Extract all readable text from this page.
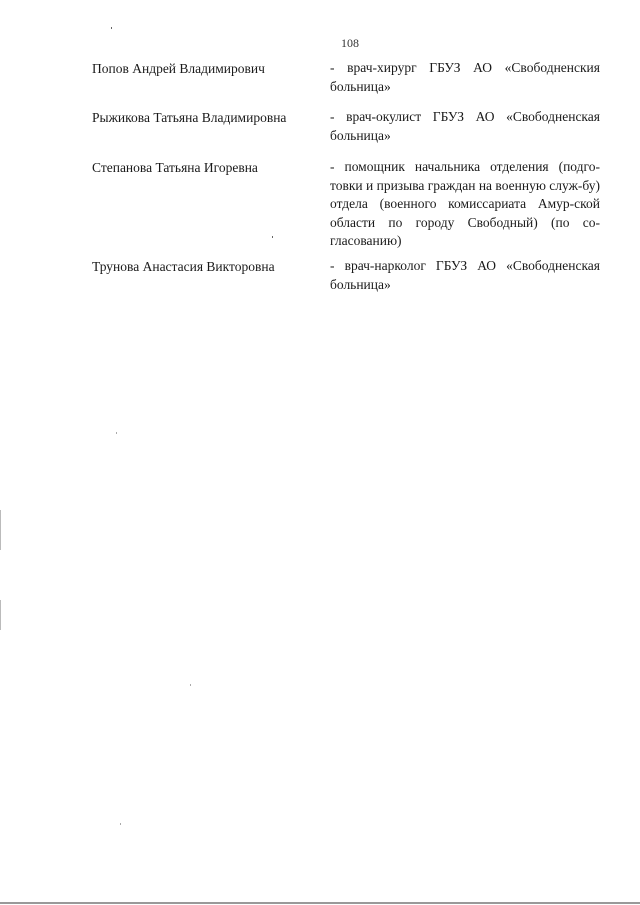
108
Попов Андрей Владимирович	- врач-хирург ГБУЗ АО «Свободненския больница»
Рыжикова Татьяна Владимировна	- врач-окулист ГБУЗ АО «Свободненская больница»
Степанова Татьяна Игоревна	- помощник начальника отделения (подго-товки и призыва граждан на военную служ-бу) отдела (военного комиссариата Амур-ской области по городу Свободный) (по со-гласованию)
Трунова Анастасия Викторовна	- врач-нарколог ГБУЗ АО «Свободненская больница»
